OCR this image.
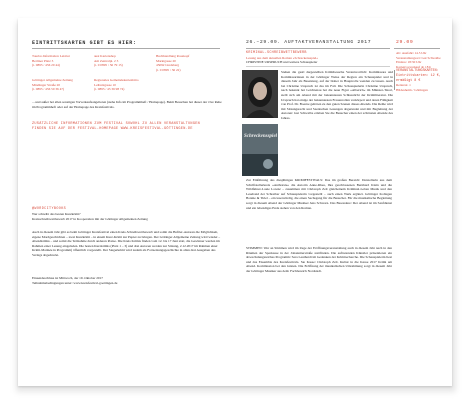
EINTRITTSKARTEN GIBT ES HIER:
Tourist-Information Leisbat
Berliner Platz 3
(t. 0895 / 456 20 44)
aust Kartenshop
Am Zentralpl. 2 3
(t. 0 0895 / 56 79 15)
Buchhandlung Rosskopf
Marktgasse 20
45092 Lindsberg
(t. 0 0895 / 36 22)
Göttinger Allgemeine Zeitung
Mindinger Straße 20
(t. 0895 / 456 50 36 47)
Regionales Gemeindekartenbüro
Leibnizgasse 10
(t. 0895 / 45 36 98 74)
... und außer bei allen sonstigen Vorverkaufsangeboten (siehe Info im Programmheft / Homepage). Beim Besuchen bei dieser der vive Rehe im Programmheft oder auf der Homepage des Kreisfestivals.
ZUSÄTZLICHE INFORMATIONEN ZUM FESTIVAL SOWOHL ZU ALLEN VERANSTALTUNGEN FINDEN SIE AUF DER FESTIVAL-HOMEPAGE WWW.KREISFESTIVAL-GÖTTINGEN.DE
@WORDCITYBOOKS
Wer schreibt das besten Kurzkrimi?
Kreisschreibwettbewerb 2017 in Kooperation mit der Göttinger Allgemeinen Zeitung
Auch in diesem Jahr gibt es beim Göttinger Kreisfestival einen Kreis-Schreibwettbewerb und somit die Heftler-Autoren die Möglichkeit, eigene Mordgeschichten – zwei Kurzkrimi – in einem Kurz-Krimi zur Papier zu bringen. Der Göttinger Allgemeine Zeitung wird wieder – Abendkrimis – und somit die Teilnahme durch anderen Preise. Die Kreis Krimis finden vom 12. bis 17 Juni statt, die Gewinner werden im Rahmen einer Lesung eingeladen. Die besten Kurzkrimis (Platz 1 – 3) und drei Autoren werden zur Sitzung, 2.12.2017 im Rahmen einer Krimi-Matinée in Programm) öffentlich vorgestellt. Der Siegerkrimi wird zudem als Fortsetzungsgeschichte in allen drei Ausgaben des Verlags abgedruckt.
Einsendeschluss ist Mittwoch, der 19. Oktober 2017
Teilnahmebedingungen unter: www.kreisfestival-goettingen.de
26.–29.09. AUFTAKTVERANSTALTUNG 2017	29.09
Ab: Ausfahrt 14.5 Uhr
Veranstaltungsort: Gut Schwalbe
Einlass: 18:30 Uhr
Kartenvorverkauf ab 18 €
VERANSTALTUNGSKARTEN: Eintrittskarten: 12 €, ermäßigt 8 €
Reiterstr. 1
Hildesheim / Göttingen
KRIMINAL-SCHREIBWETTBEWERB
Lesung aus dem aktuellen Roman »Schreckensspiel«
CHRISTINE URSPRUCH und weitere Schauspieler
Schreckensspiel
Stehen die gestl dargestellten Krimibesuche Verantwortlich: Kommissare und Kommissarinnen in der Göttinger Weise der Region ein Schauspieler und in diesem Jahr als Besetzung, auf der bisher in Hauptrolle wenden zu lassen. Auch bei Christine Urspruch ist das im Fall. Die Schauspielerin Christine Urspruch, nach bekannt bei Leichtenau bei die neue Figur »Alberich« im Münster-Tatort, stellt sich am Abend mit der bekanntesten Schlusslicht der Krimiliteratur. Die Urspruch hat einige der bekanntesten Frauenrollen verkörpert und deren Fähigkeit von Prof. Dr. Boerne gehören zu den guten Szenen dieses Abends. Die Reihe wird mit Sitzungsrecht und Szenischen Lesungen abgerundet und mit Begleitung der Autoren: Gut Schwalbe erleben Sie die Besucher einen der schönsten Abende des Jahres.
Zur Einführung des diesjährigen KRIMIFESTIVALS: Das im großen Bereich: Darstellerin aus dem Schriftstellerkreis »Anthraxie« die Autorin Anne-Rhea, Ihre geschlossenen Bernhard Klein und die Wildfahrer-Louie Lorenz – zusammen mit Christoph Zelt gleicheinem Kriminal-Leben Musik und den Leseband der Schreiber auf Schauspielerin vorgestellt – auch einen Werk ergänzt. Göttinger Kollegen Bonnie & Tiriel – ein leserwürdig, die einen Sechsgang für die Besucher. Für die musikalische Begleitung sorgt in diesem Abend der Göttinger Musiker Jens Schwarz. Das Besondere: Der Abend ist im Sanfdienst und ein lebendiges Ende stehen von den Roman.
STIMMEN: Wer an Stimmen wird im Zuge der Eröffnungsveranstaltung auch in diesem Jahr nach in den Räumen der Sparkasse in der Johanniterstraße stattfinden. Die auftretenden Künstler präsentieren ein abwechslungsreiches Programm: Sara Leuthardt im Gedenken der Krimirecherche. Die Schauspielerin liest und das Ensemble des Kreisfestivals. Sie Kasse: Christoph Zelt. Kultur in die Kasse 2017 Krimi am Abend. Kommission bei den Gästen. Die Eröffnung der musikalischen Umrahmung sorgt in diesem Jahr der Göttinger Musiker aus dem: Fachbereich Nordstadt.
